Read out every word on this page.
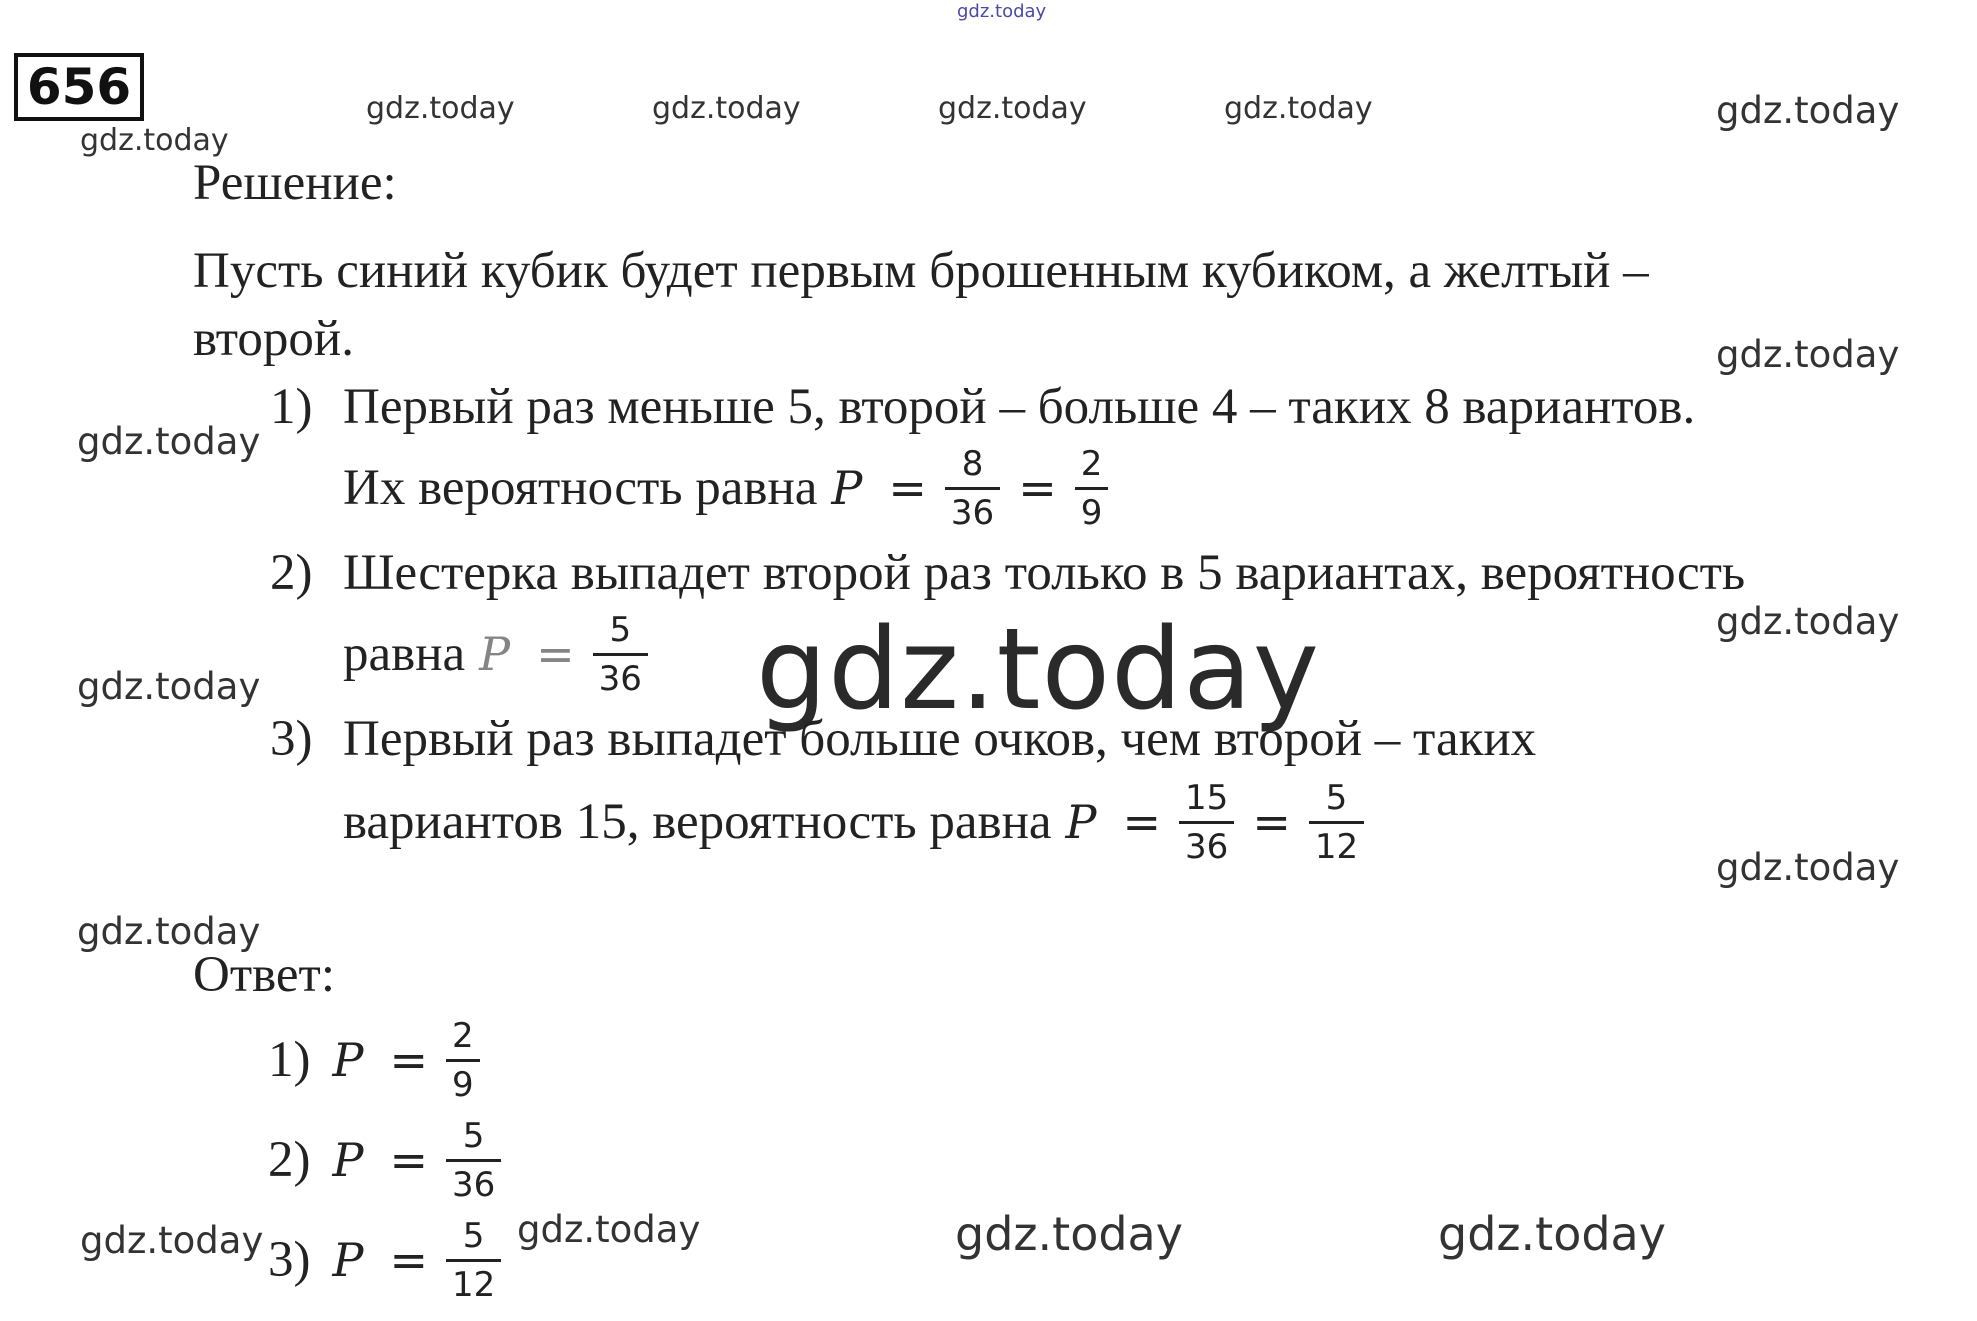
gdz.today
gdz.today	gdz.today	gdz.today	gdz.today	gdz.today
gdz.today
gdz.today
gdz.today
gdz.today
gdz.today	gdz.today
gdz.today
gdz.today
gdz.today	gdz.today	gdz.today	gdz.today
656
Решение:
Пусть синий кубик будет первым брошенным кубиком, а желтый –
второй.
1) Первый раз меньше 5, второй – больше 4 – таких 8 вариантов.
Их вероятность равна $P = \frac{8}{36} = \frac{2}{9}$
2) Шестерка выпадет второй раз только в 5 вариантах, вероятность
равна $P = \frac{5}{36}$
3) Первый раз выпадет больше очков, чем второй – таких
вариантов 15, вероятность равна $P = \frac{15}{36} = \frac{5}{12}$
Ответ:
1) $P = \frac{2}{9}$
2) $P = \frac{5}{36}$
3) $P = \frac{5}{12}$
